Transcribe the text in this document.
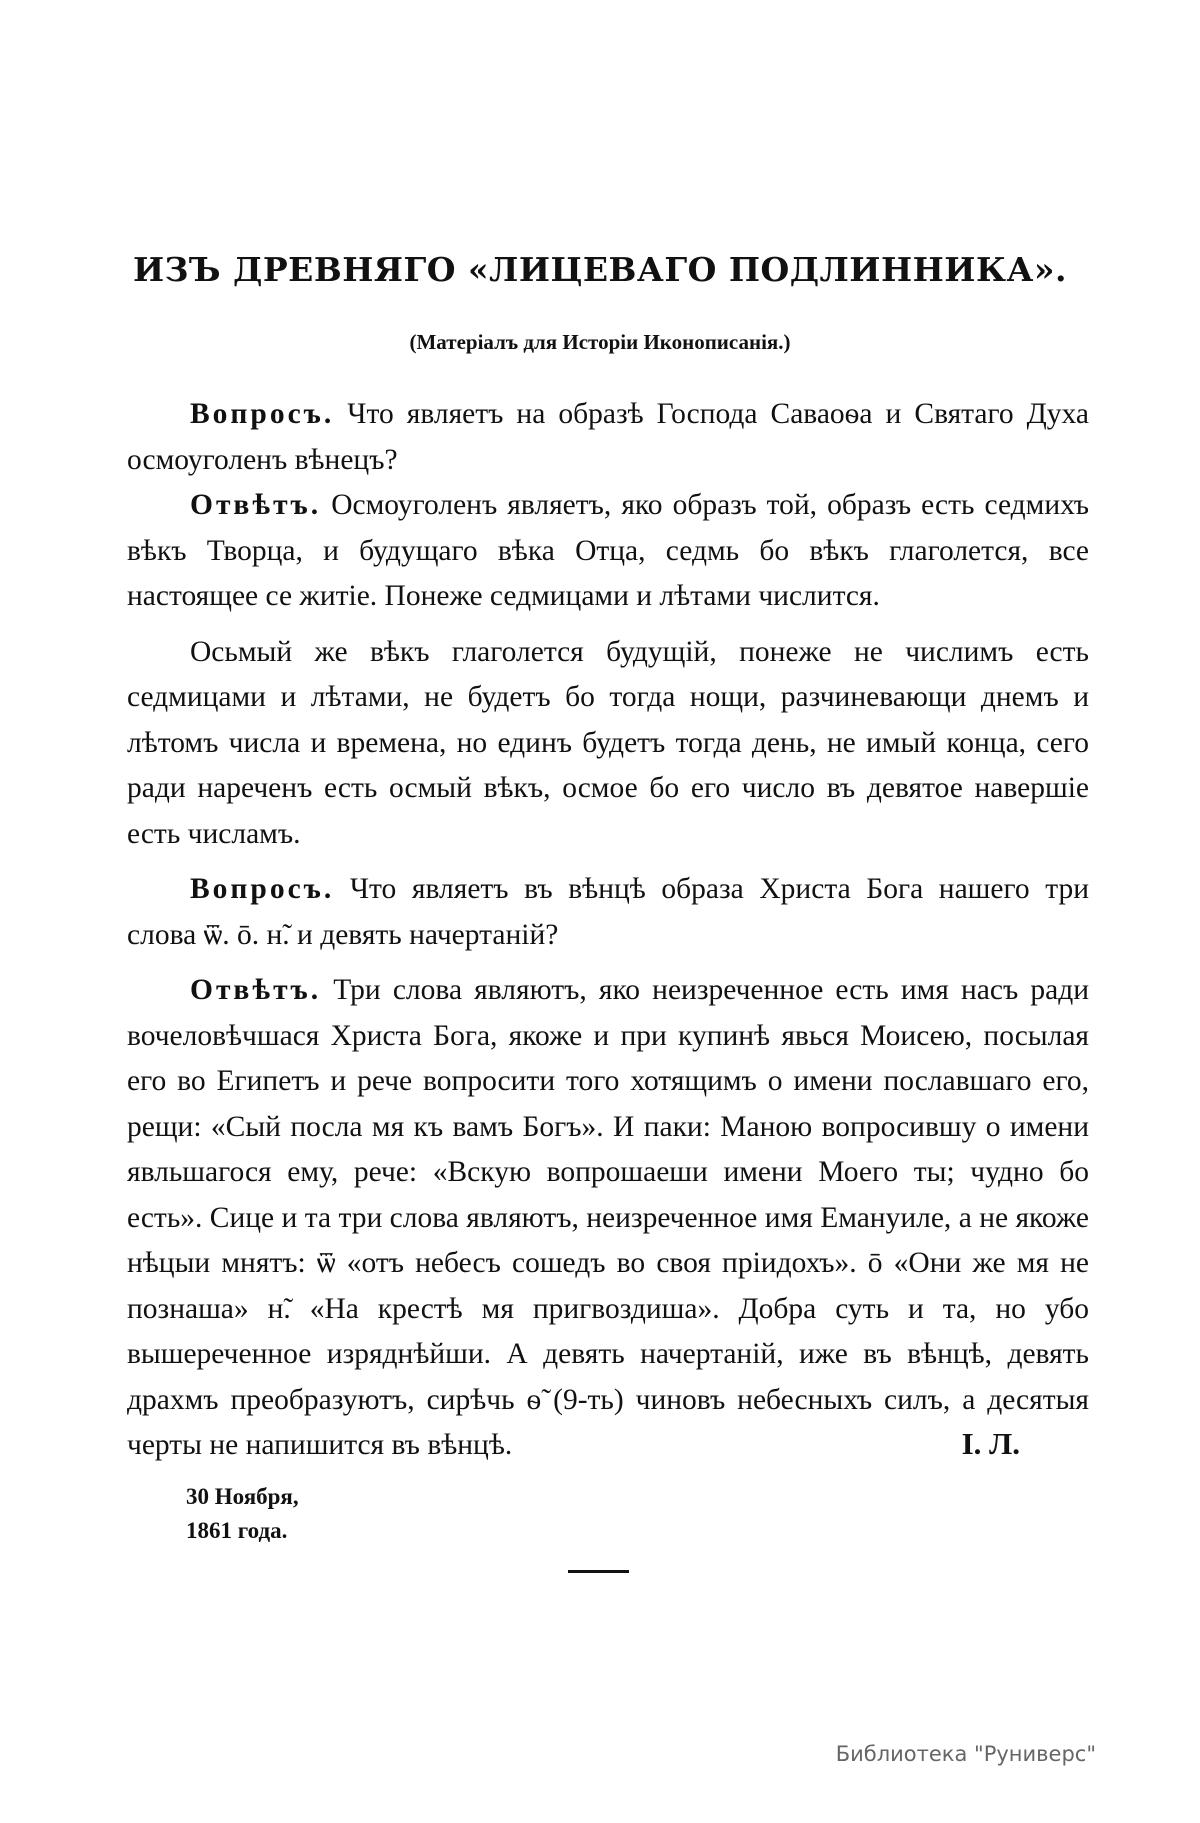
ИЗЪ ДРЕВНЯГО «ЛИЦЕВАГО ПОДЛИННИКА».

(Матеріалъ для Исторіи Иконописанія.)

Вопросъ. Что являетъ на образѣ Господа Саваоѳа и Святаго Духа осмоуголенъ вѣнецъ?

Отвѣтъ. Осмоуголенъ являетъ, яко образъ той, образъ есть седмихъ вѣкъ Творца, и будущаго вѣка Отца, седмь бо вѣкъ глаголется, все настоящее се житіе. Понеже седмицами и лѣтами числится.

Осьмый же вѣкъ глаголется будущій, понеже не числимъ есть седмицами и лѣтами, не будетъ бо тогда нощи, разчиневающи днемъ и лѣтомъ числа и времена, но единъ будетъ тогда день, не имый конца, сего ради нареченъ есть осмый вѣкъ, осмое бо его число въ девятое навершіе есть числамъ.

Вопросъ. Что являетъ въ вѣнцѣ образа Христа Бога нашего три слова ѿ. ō. н̃. и девять начертаній?

Отвѣтъ. Три слова являютъ, яко неизреченное есть имя насъ ради вочеловѣчшася Христа Бога, якоже и при купинѣ явься Моисею, посылая его во Египетъ и рече вопросити того хотящимъ о имени пославшаго его, рещи: «Сый посла мя къ вамъ Богъ». И паки: Маною вопросившу о имени явльшагося ему, рече: «Вскую вопрошаеши имени Моего ты; чудно бо есть». Сице и та три слова являютъ, неизреченное имя Емануиле, а не якоже нѣцыи мнятъ: ѿ «отъ небесъ сошедъ во своя пріидохъ». ō «Они же мя не познаша» н̃. «На крестѣ мя пригвоздиша». Добра суть и та, но убо вышереченное изряднѣйши. А девять начертаній, иже въ вѣнцѣ, девять драхмъ преобразуютъ, сирѣчь ѳ̃ (9-ть) чиновъ небесныхъ силъ, а десятыя черты не напишится въ вѣнцѣ.	І. Л.

30 Ноября,
1861 года.

Библиотека "Руниверс"
